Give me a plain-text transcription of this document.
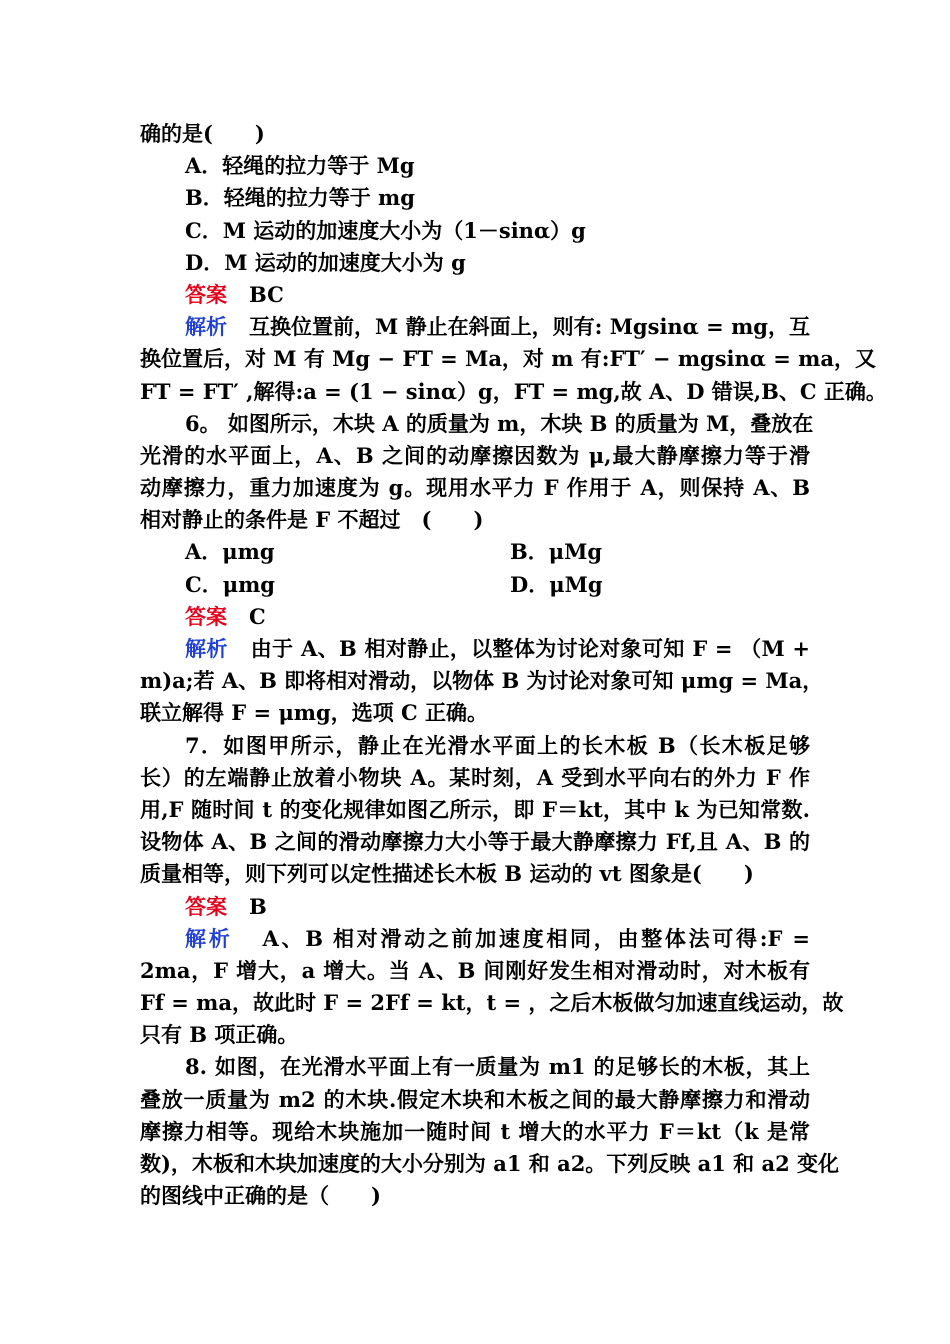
确的是(　　)
A．轻绳的拉力等于 Mg
B．轻绳的拉力等于 mg
C．M 运动的加速度大小为（1－sinα）g
D．M 运动的加速度大小为 g
答案 BC
解析 互换位置前，M 静止在斜面上，则有: Mgsinα = mg，互
换位置后，对 M 有 Mg − FT = Ma，对 m 有:FT′ − mgsinα = ma，又
FT = FT′ ,解得:a = (1 − sinα）g，FT = mg,故 A、D 错误,B、C 正确。
6。 如图所示，木块 A 的质量为 m，木块 B 的质量为 M，叠放在
光滑的水平面上，A、B 之间的动摩擦因数为 μ,最大静摩擦力等于滑
动摩擦力，重力加速度为 g。现用水平力 F 作用于 A，则保持 A、B
相对静止的条件是 F 不超过　(　　)
A．μmg	B．μMg
C．μmg	D．μMg
答案 C
解析 由于 A、B 相对静止，以整体为讨论对象可知 F = （M +
m)a;若 A、B 即将相对滑动，以物体 B 为讨论对象可知 μmg = Ma，
联立解得 F = μmg，选项 C 正确。
7．如图甲所示，静止在光滑水平面上的长木板 B（长木板足够
长）的左端静止放着小物块 A。某时刻，A 受到水平向右的外力 F 作
用,F 随时间 t 的变化规律如图乙所示，即 F＝kt，其中 k 为已知常数.
设物体 A、B 之间的滑动摩擦力大小等于最大静摩擦力 Ff,且 A、B 的
质量相等，则下列可以定性描述长木板 B 运动的 vt 图象是(　　)
答案 B
解析 A、B 相对滑动之前加速度相同，由整体法可得:F =
2ma，F 增大，a 增大。当 A、B 间刚好发生相对滑动时，对木板有
Ff = ma，故此时 F = 2Ff = kt，t = ，之后木板做匀加速直线运动，故
只有 B 项正确。
8. 如图，在光滑水平面上有一质量为 m1 的足够长的木板，其上
叠放一质量为 m2 的木块.假定木块和木板之间的最大静摩擦力和滑动
摩擦力相等。现给木块施加一随时间 t 增大的水平力 F＝kt（k 是常
数)，木板和木块加速度的大小分别为 a1 和 a2。下列反映 a1 和 a2 变化
的图线中正确的是（　　)
